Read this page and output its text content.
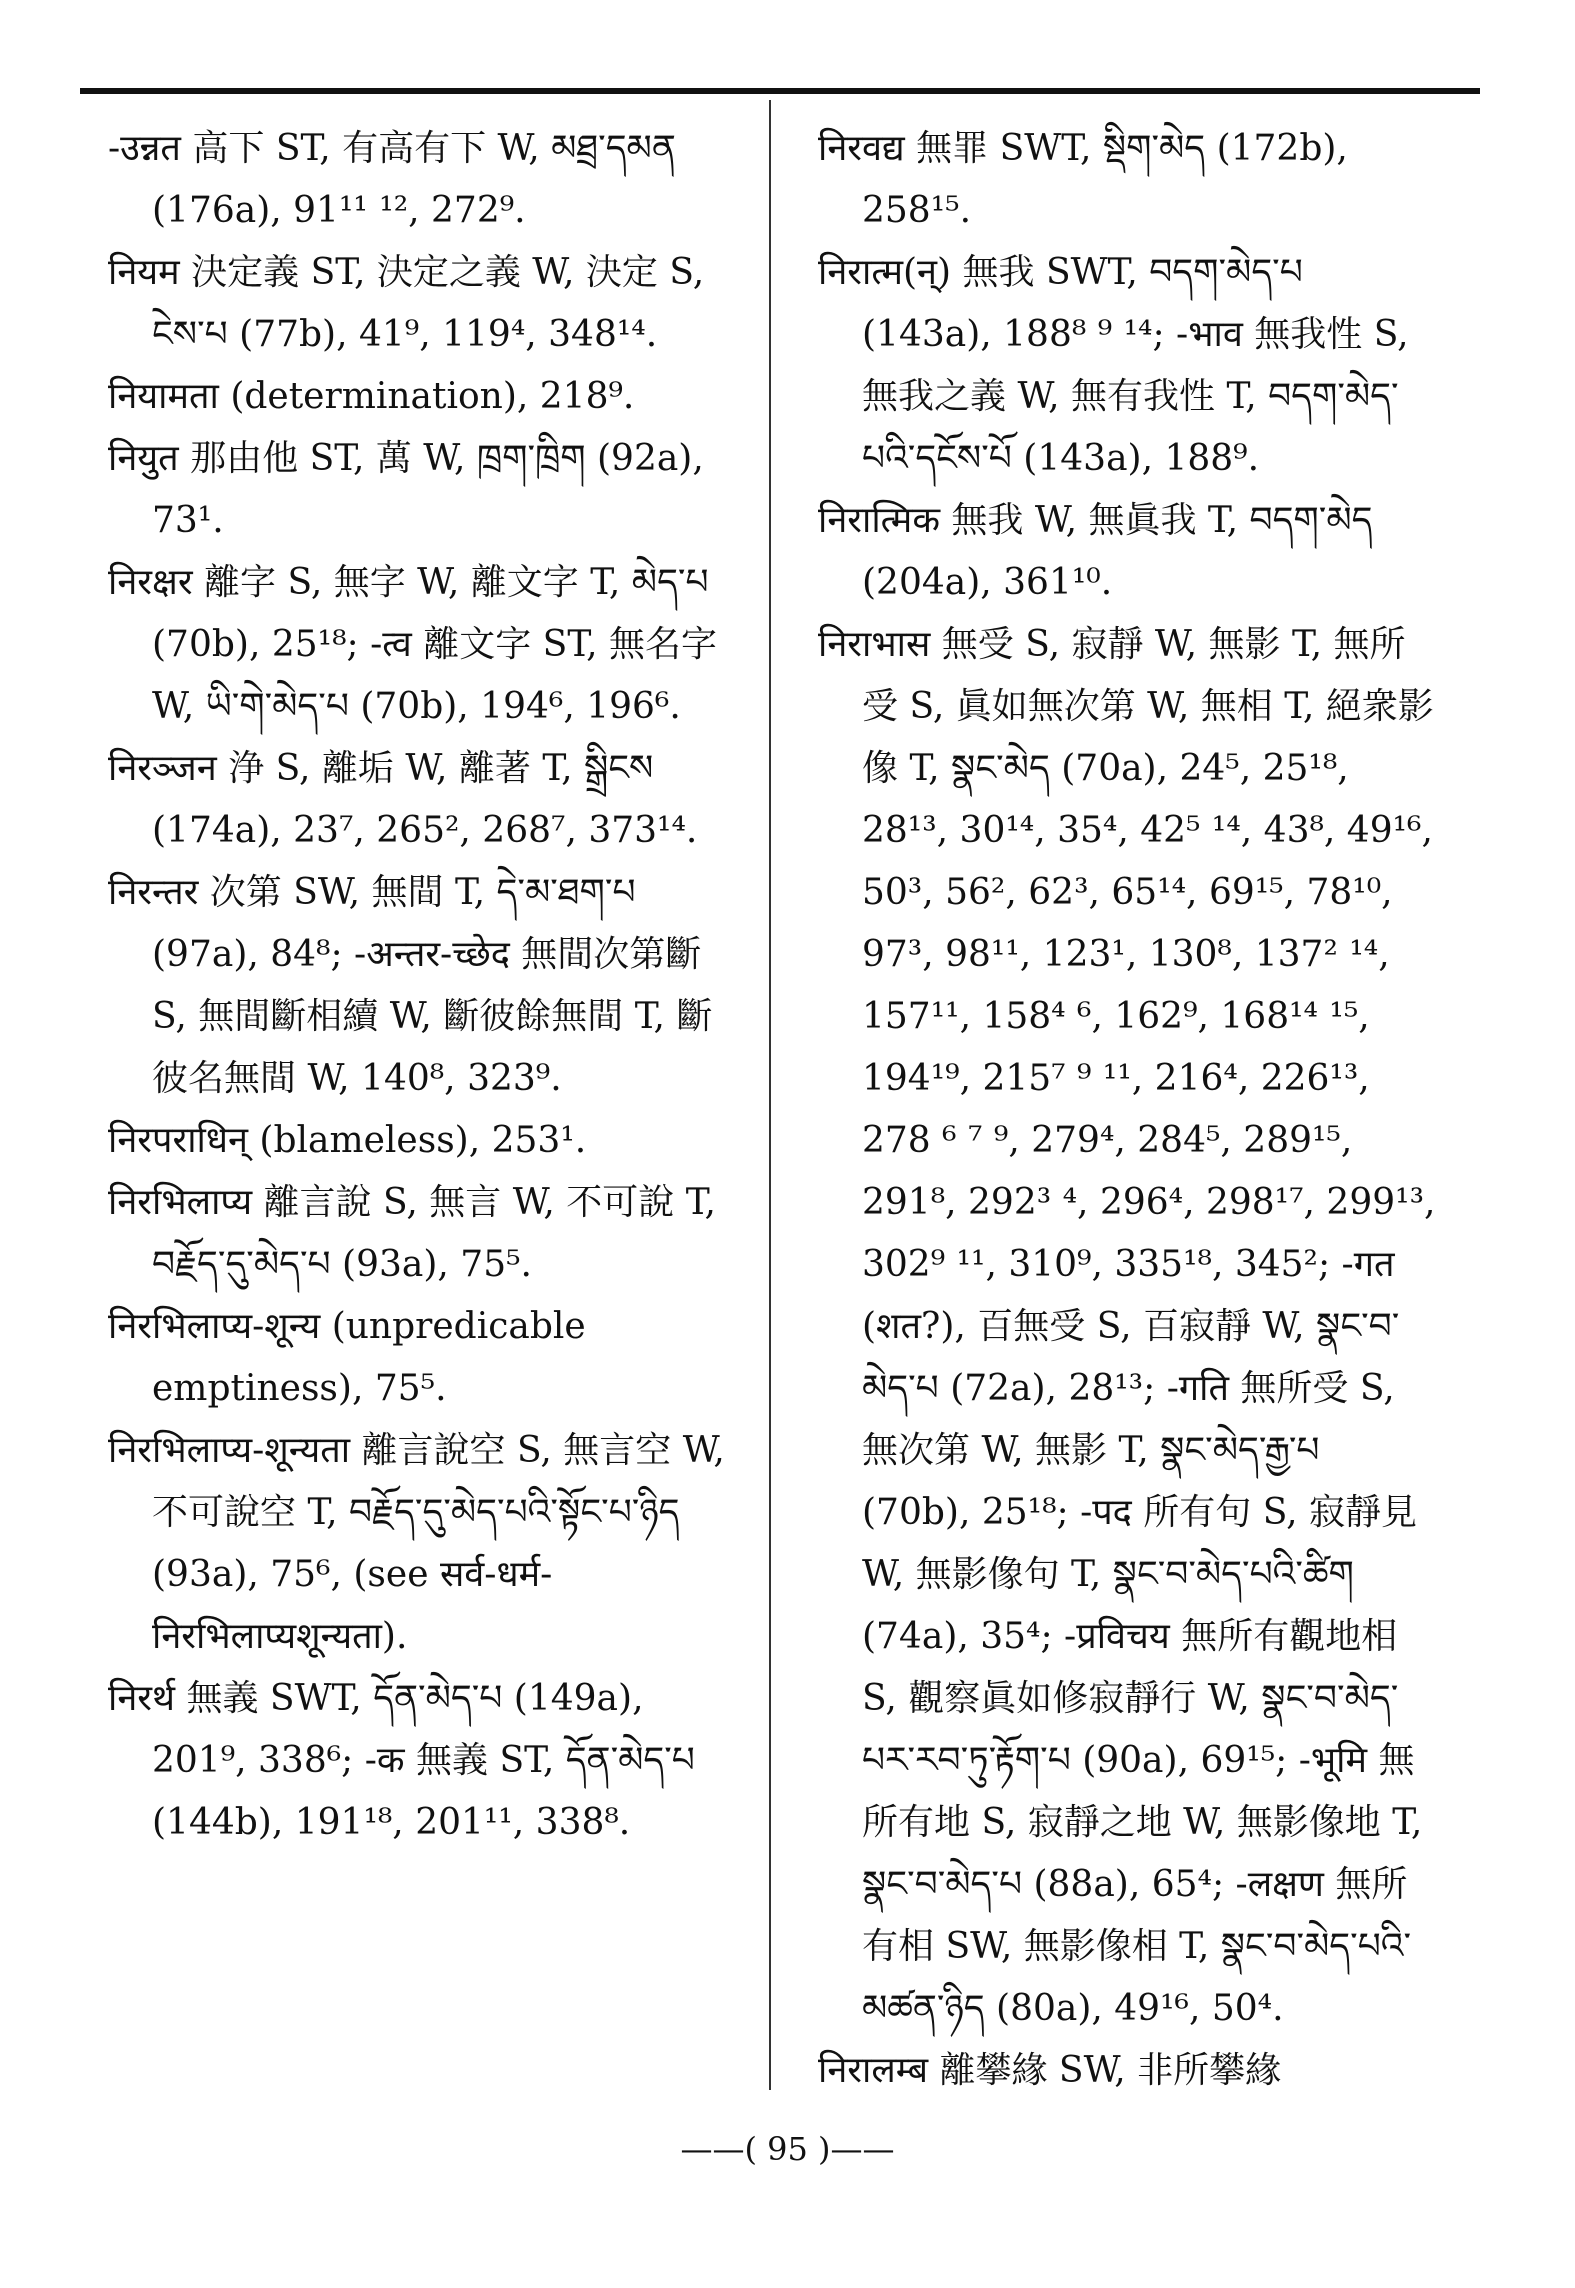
-उन्नत 高下 ST, 有高有下 W, མཐྲ་དམན (176a), 91¹¹ ¹², 272⁹.
नियम 決定義 ST, 決定之義 W, 決定 S, ངེས་པ (77b), 41⁹, 119⁴, 348¹⁴.
नियामता (determination), 218⁹.
नियुत 那由他 ST, 萬 W, ཁྲག་ཁྲིག (92a), 73¹.
निरक्षर 離字 S, 無字 W, 離文字 T, མེད་པ (70b), 25¹⁸; -त्व 離文字 ST, 無名字 W, ཡི་གེ་མེད་པ (70b), 194⁶, 196⁶.
निरञ्जन 浄 S, 離垢 W, 離著 T, སྒྲིངས (174a), 23⁷, 265², 268⁷, 373¹⁴.
निरन्तर 次第 SW, 無間 T, དེ་མ་ཐག་པ (97a), 84⁸; -अन्तर-च्छेद 無間次第斷 S, 無間斷相續 W, 斷彼餘無間 T, 斷彼名無間 W, 140⁸, 323⁹.
निरपराधिन् (blameless), 253¹.
निरभिलाप्य 離言說 S, 無言 W, 不可說 T, བརྗོད་དུ་མེད་པ (93a), 75⁵.
निरभिलाप्य-शून्य (unpredicable emptiness), 75⁵.
निरभिलाप्य-शून्यता 離言說空 S, 無言空 W, 不可說空 T, བརྗོད་དུ་མེད་པའི་སྟོང་པ་ཉིད (93a), 75⁶, (see सर्व-धर्म-निरभिलाप्यशून्यता).
निरर्थ 無義 SWT, དོན་མེད་པ (149a), 201⁹, 338⁶; -क 無義 ST, དོན་མེད་པ (144b), 191¹⁸, 201¹¹, 338⁸.
निरवद्य 無罪 SWT, སྡིག་མེད (172b), 258¹⁵.
निरात्म(न्) 無我 SWT, བདག་མེད་པ (143a), 188⁸ ⁹ ¹⁴; -भाव 無我性 S, 無我之義 W, 無有我性 T, བདག་མེད་པའི་དངོས་པོ (143a), 188⁹.
निरात्मिक 無我 W, 無眞我 T, བདག་མེད (204a), 361¹⁰.
निराभास 無受 S, 寂靜 W, 無影 T, 無所受 S, 眞如無次第 W, 無相 T, 絕衆影像 T, སྣང་མེད (70a), 24⁵, 25¹⁸, 28¹³, 30¹⁴, 35⁴, 42⁵ ¹⁴, 43⁸, 49¹⁶, 50³, 56², 62³, 65¹⁴, 69¹⁵, 78¹⁰, 97³, 98¹¹, 123¹, 130⁸, 137² ¹⁴, 157¹¹, 158⁴ ⁶, 162⁹, 168¹⁴ ¹⁵, 194¹⁹, 215⁷ ⁹ ¹¹, 216⁴, 226¹³, 278 ⁶ ⁷ ⁹, 279⁴, 284⁵, 289¹⁵, 291⁸, 292³ ⁴, 296⁴, 298¹⁷, 299¹³, 302⁹ ¹¹, 310⁹, 335¹⁸, 345²; -गत (शत?), 百無受 S, 百寂靜 W, སྣང་བ་མེད་པ (72a), 28¹³; -गति 無所受 S, 無次第 W, 無影 T, སྣང་མེད་རྒྱ་པ (70b), 25¹⁸; -पद 所有句 S, 寂靜見 W, 無影像句 T, སྣང་བ་མེད་པའི་ཚིག (74a), 35⁴; -प्रविचय 無所有觀地相 S, 觀察眞如修寂靜行 W, སྣང་བ་མེད་པར་རབ་ཏུ་རྟོག་པ (90a), 69¹⁵; -भूमि 無所有地 S, 寂靜之地 W, 無影像地 T, སྣང་བ་མེད་པ (88a), 65⁴; -लक्षण 無所有相 SW, 無影像相 T, སྣང་བ་མེད་པའི་མཚན་ཉིད (80a), 49¹⁶, 50⁴.
निरालम्ब 離攀緣 SW, 非所攀緣
——( 95 )——
